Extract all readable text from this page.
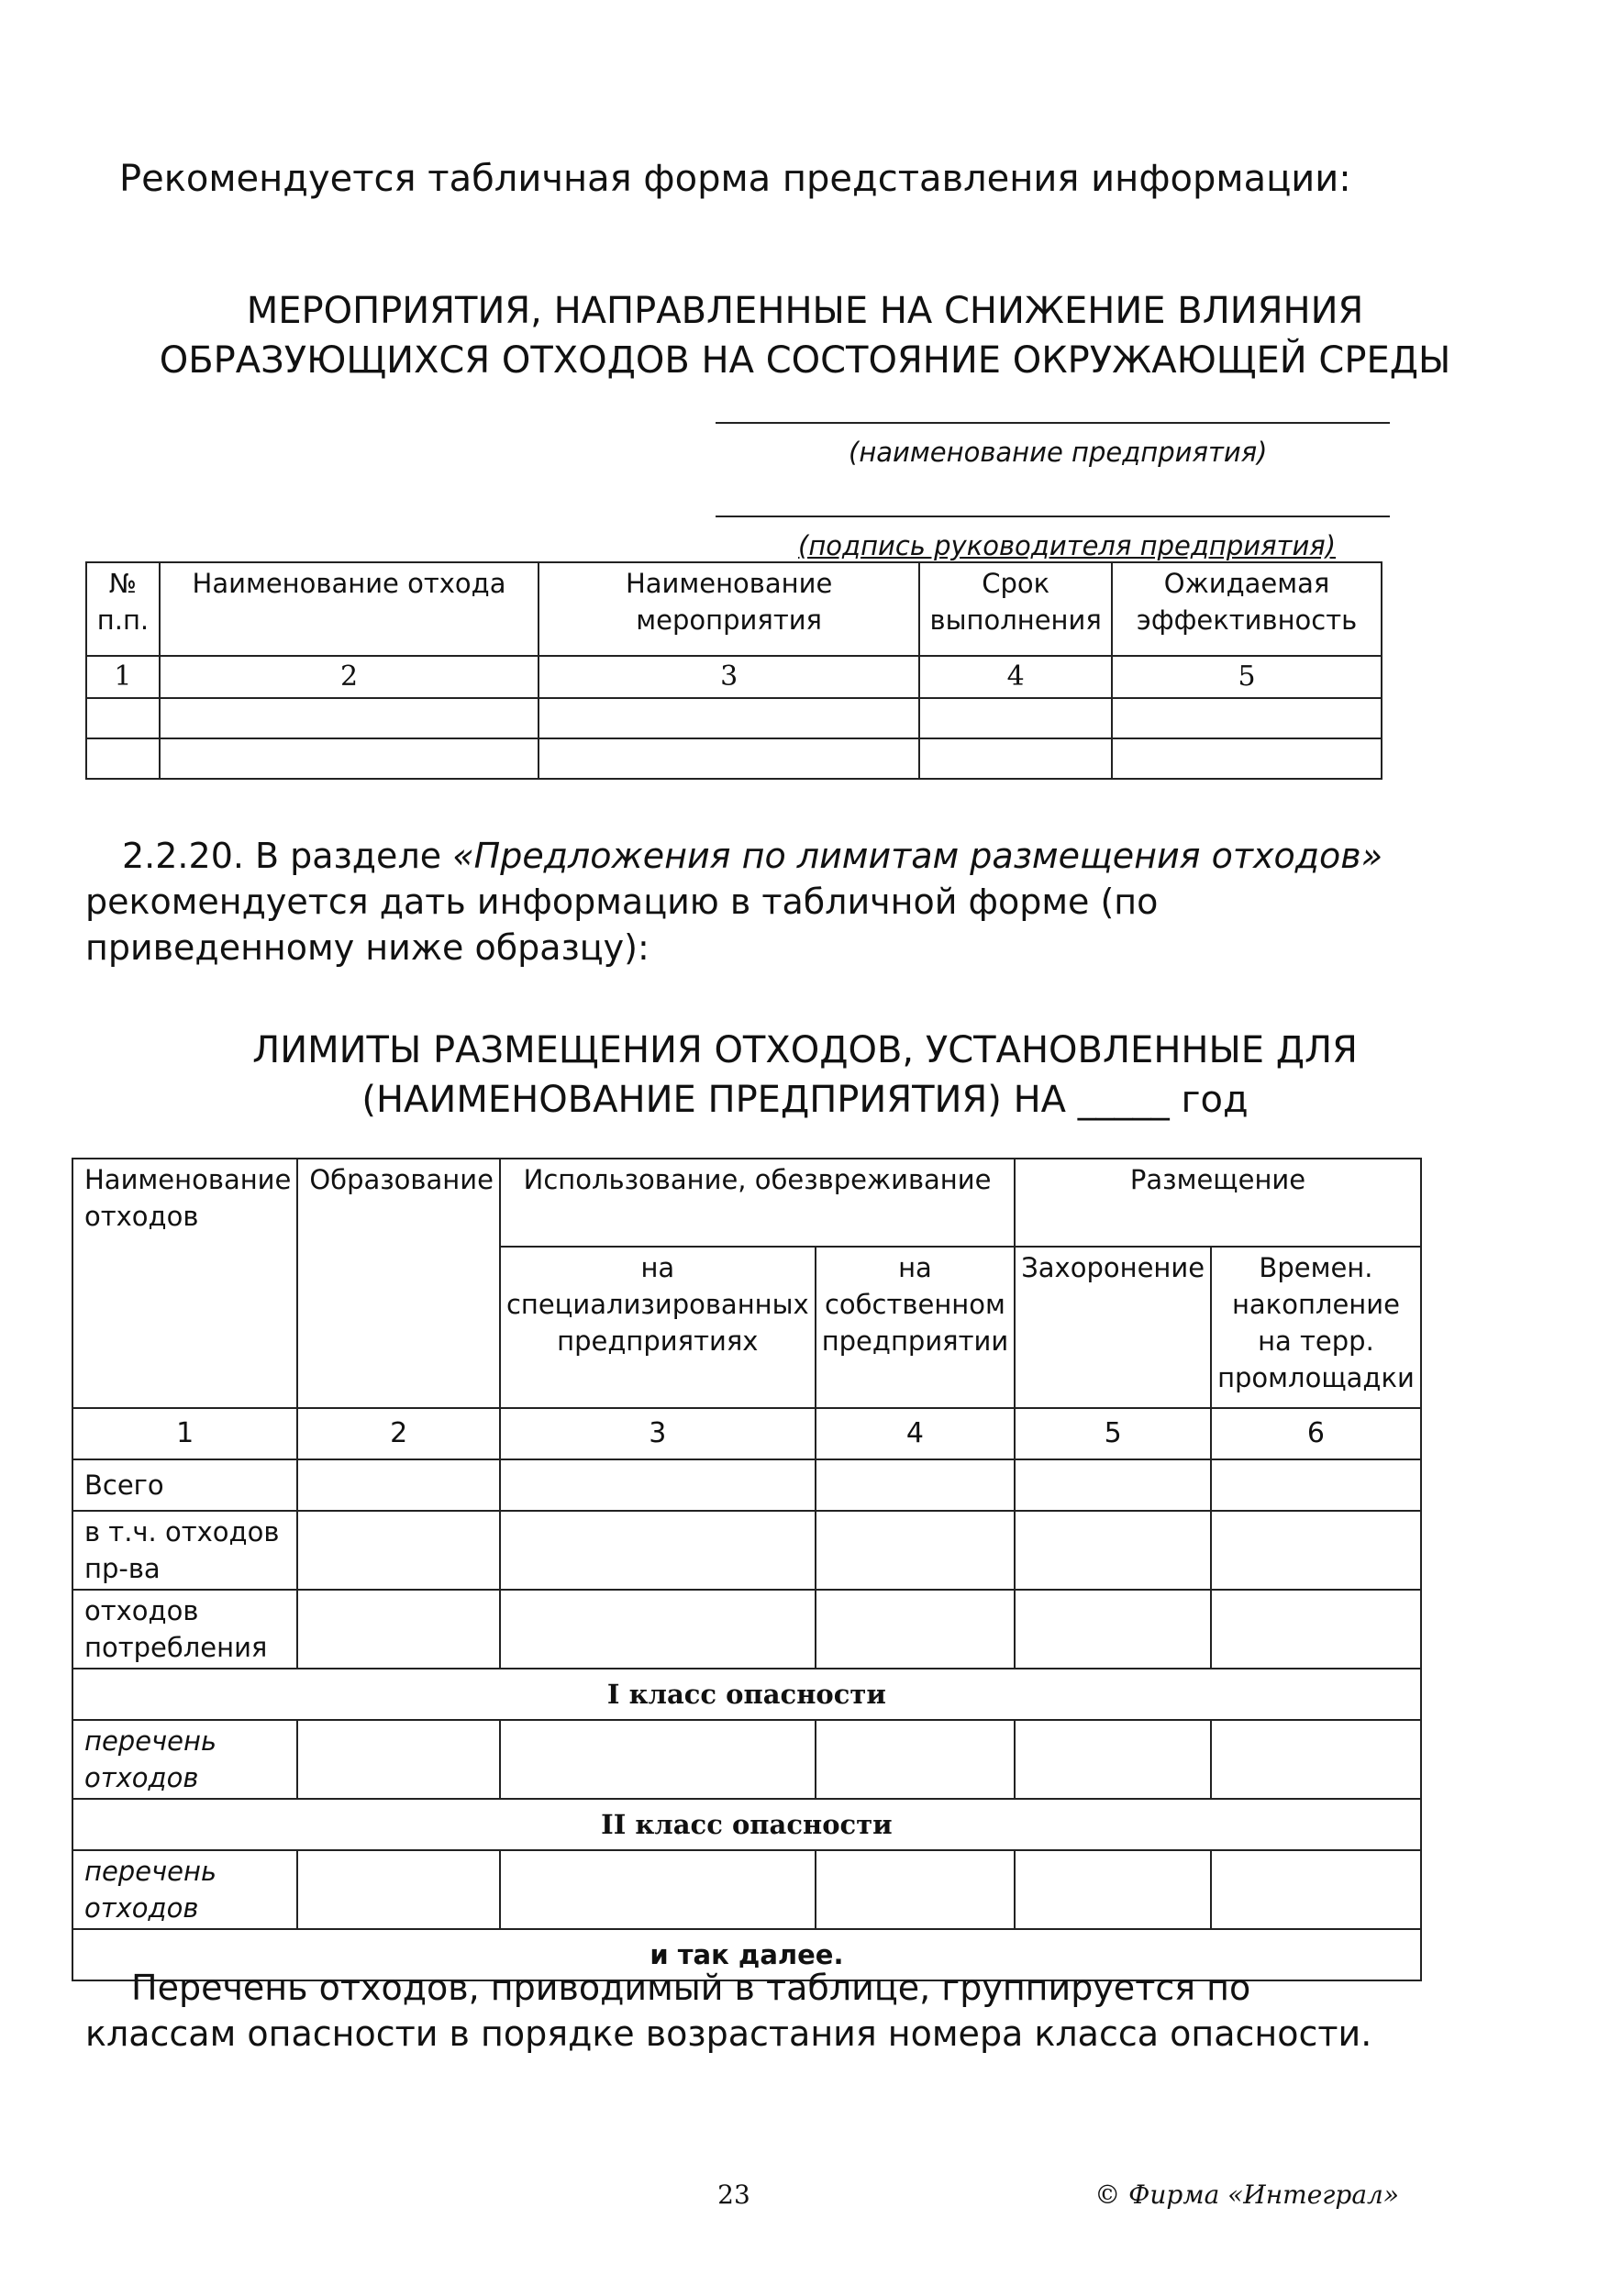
Рекомендуется табличная форма представления информации:
МЕРОПРИЯТИЯ, НАПРАВЛЕННЫЕ НА СНИЖЕНИЕ ВЛИЯНИЯ
ОБРАЗУЮЩИХСЯ ОТХОДОВ НА СОСТОЯНИЕ ОКРУЖАЮЩЕЙ СРЕДЫ
(наименование предприятия)
(подпись руководителя предприятия)
№ п.п.	Наименование отхода	Наименование мероприятия	Срок выполнения	Ожидаемая эффективность
1	2	3	4	5

2.2.20. В разделе «Предложения по лимитам размещения отходов» рекомендуется дать информацию в табличной форме (по приведенному ниже образцу):
ЛИМИТЫ РАЗМЕЩЕНИЯ ОТХОДОВ, УСТАНОВЛЕННЫЕ ДЛЯ
(НАИМЕНОВАНИЕ ПРЕДПРИЯТИЯ) НА _____ год
Наименование отходов	Образование	Использование, обезвреживание		Размещение	
		на специализированных предприятиях	на собственном предприятии	Захоронение	Времен. накопление на терр. промлощадки
1	2	3	4	5	6
Всего					
в т.ч. отходов пр-ва					
отходов потребления					
I класс опасности					
перечень отходов					
II класс опасности					
перечень отходов					
и так далее.					
Перечень отходов, приводимый в таблице, группируется по классам опасности в порядке возрастания номера класса опасности.
23	© Фирма «Интеграл»
